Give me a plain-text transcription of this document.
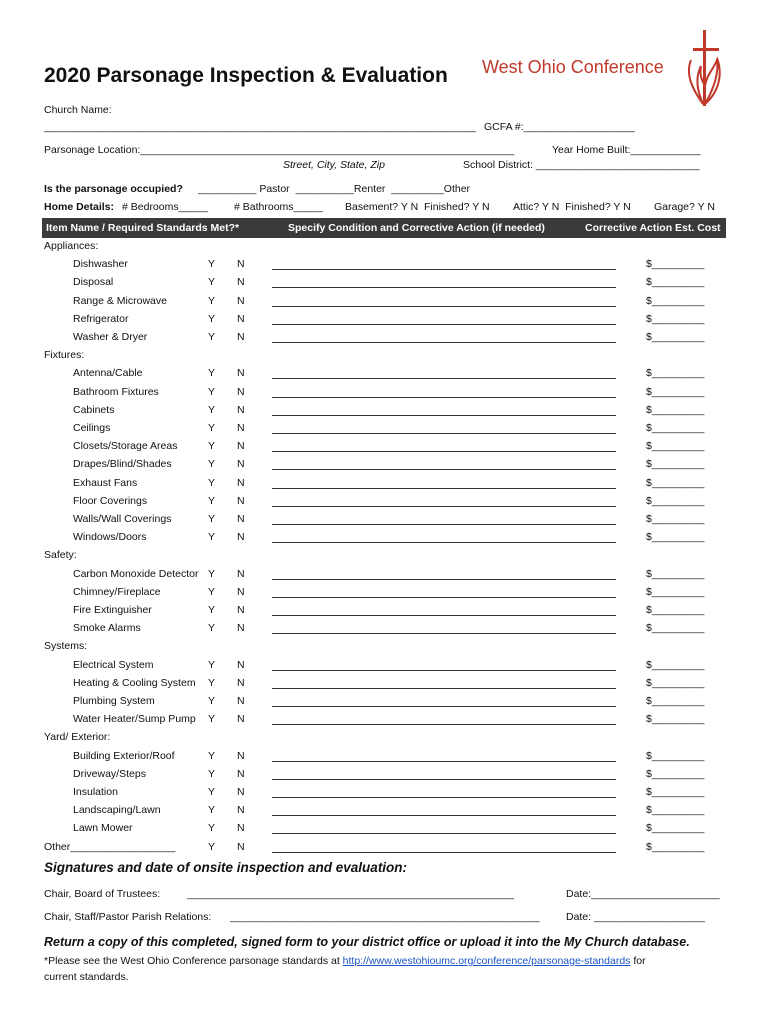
2020 Parsonage Inspection & Evaluation West Ohio Conference
Church Name:
__________________________________________________________________________ GCFA #:___________________
Parsonage Location:________________________________________________________________	Year Home Built:____________
Street, City, State, Zip	School District: ____________________________
Is the parsonage occupied? __________ Pastor  __________Renter  _________Other
Home Details: # Bedrooms_____ # Bathrooms_____ Basement? Y N  Finished? Y N Attic? Y N  Finished? Y N Garage? Y N
Item Name / Required Standards Met?*	Specify Condition and Corrective Action (if needed)	Corrective Action Est. Cost
Appliances:
Dishwasher	Y N	$_________
Disposal	Y N	$_________
Range & Microwave	Y N	$_________
Refrigerator	Y N	$_________
Washer & Dryer	Y N	$_________
Fixtures:
Antenna/Cable	Y N	$_________
Bathroom Fixtures	Y N	$_________
Cabinets	Y N	$_________
Ceilings	Y N	$_________
Closets/Storage Areas	Y N	$_________
Drapes/Blind/Shades	Y N	$_________
Exhaust Fans	Y N	$_________
Floor Coverings	Y N	$_________
Walls/Wall Coverings	Y N	$_________
Windows/Doors	Y N	$_________
Safety:
Carbon Monoxide Detector Y N	$_________
Chimney/Fireplace	Y N	$_________
Fire Extinguisher	Y N	$_________
Smoke Alarms	Y N	$_________
Systems:
Electrical System	Y N	$_________
Heating & Cooling System Y N	$_________
Plumbing System	Y N	$_________
Water Heater/Sump Pump Y N	$_________
Yard/ Exterior:
Building Exterior/Roof	Y N	$_________
Driveway/Steps	Y N	$_________
Insulation	Y N	$_________
Landscaping/Lawn	Y N	$_________
Lawn Mower	Y N	$_________
Other__________________	Y N	$_________
Signatures and date of onsite inspection and evaluation:
Chair, Board of Trustees:	________________________________________________________	Date:______________________
Chair, Staff/Pastor Parish Relations: _____________________________________________________	Date: ___________________
Return a copy of this completed, signed form to your district office or upload it into the My Church database.
*Please see the West Ohio Conference parsonage standards at http://www.westohioumc.org/conference/parsonage-standards for
current standards.
